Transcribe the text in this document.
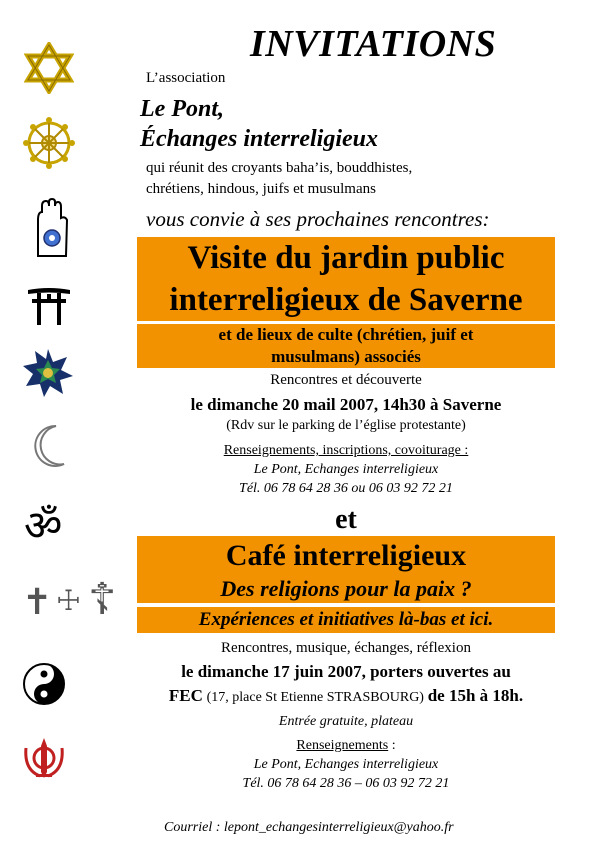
ॐ
✝ ☩ ☦
INVITATIONS
L’association
Le Pont,
Échanges interreligieux
qui réunit des croyants baha’is, bouddhistes,
chrétiens, hindous, juifs et musulmans
vous convie à ses prochaines rencontres:
Visite du jardin public
interreligieux de Saverne
et de lieux de culte (chrétien, juif et
musulmans) associés
Rencontres et découverte
le dimanche 20 mail 2007, 14h30 à Saverne
(Rdv sur le parking de l’église protestante)
Renseignements, inscriptions, covoiturage :
Le Pont, Echanges interreligieux
Tél. 06 78 64 28 36 ou 06 03 92 72 21
et
Café interreligieux
Des religions pour la paix ?
Expériences et initiatives là-bas et ici.
Rencontres, musique, échanges, réflexion
le dimanche 17 juin 2007, porters ouvertes au
FEC (17, place St Etienne STRASBOURG) de 15h à 18h.
Entrée gratuite, plateau
Renseignements :
Le Pont, Echanges interreligieux
Tél. 06 78 64 28 36 – 06 03 92 72 21
Courriel : lepont_echangesinterreligieux@yahoo.fr
